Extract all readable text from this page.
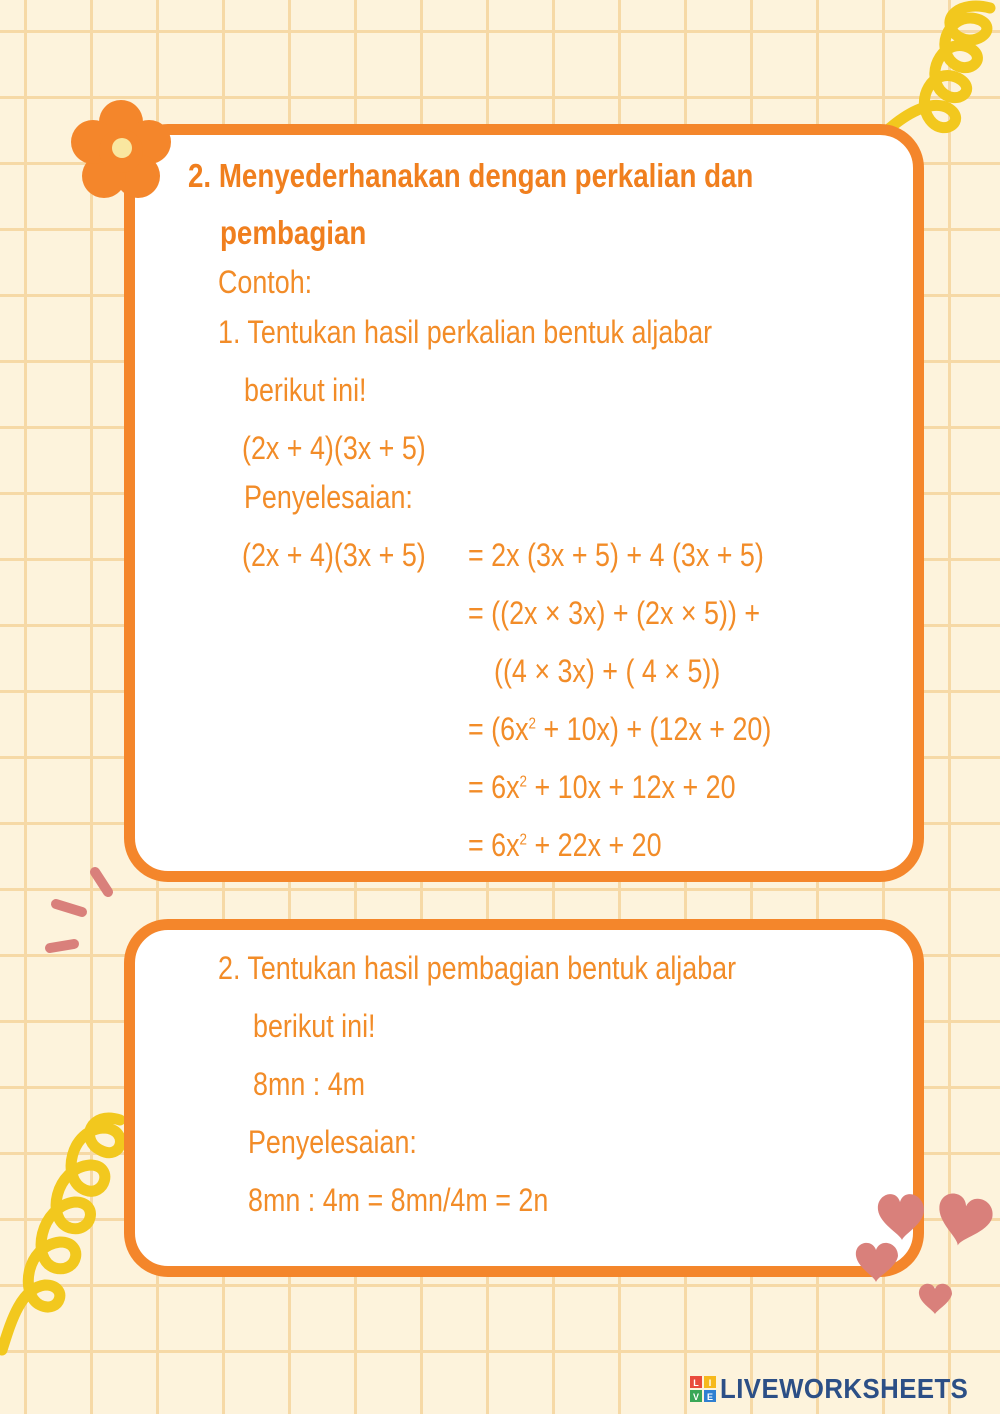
2. Menyederhanakan dengan perkalian dan

pembagian

Contoh:

1. Tentukan hasil perkalian bentuk aljabar

berikut ini!

(2x + 4)(3x + 5)

Penyelesaian:

(2x + 4)(3x + 5) = 2x (3x + 5) + 4 (3x + 5)

= ((2x × 3x) + (2x × 5)) +

((4 × 3x) + ( 4 × 5))

= $(6x^2 + 10x) + (12x + 20)$

= $6x^2 + 10x + 12x + 20$

= $6x^2 + 22x + 20$

2. Tentukan hasil pembagian bentuk aljabar

berikut ini!

8mn : 4m

Penyelesaian:

8mn : 4m = 8mn/4m = 2n

L I
V E LIVEWORKSHEETS
